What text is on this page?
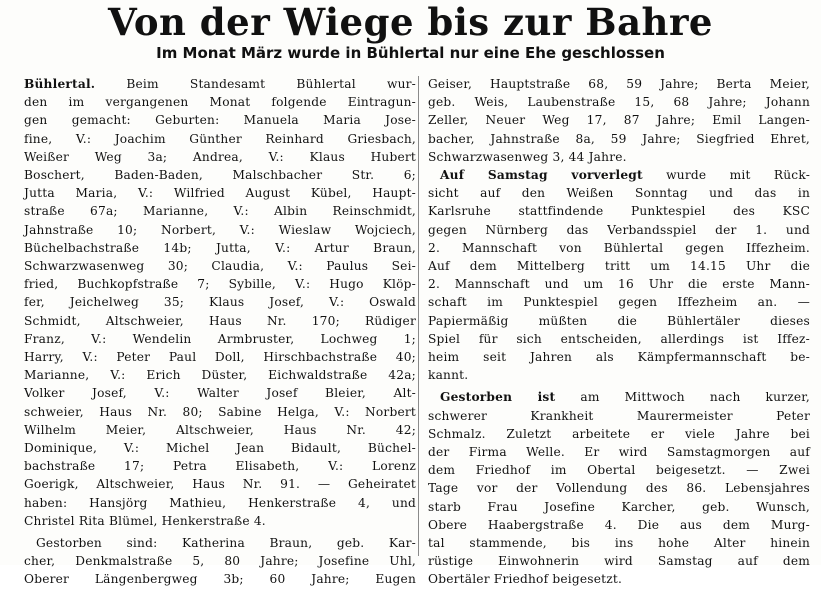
Von der Wiege bis zur Bahre
Im Monat März wurde in Bühlertal nur eine Ehe geschlossen

Bühlertal. Beim Standesamt Bühlertal wur-
den im vergangenen Monat folgende Eintragun-
gen gemacht: Geburten: Manuela Maria Jose-
fine, V.: Joachim Günther Reinhard Griesbach,
Weißer Weg 3a; Andrea, V.: Klaus Hubert
Boschert, Baden-Baden, Malschbacher Str. 6;
Jutta Maria, V.: Wilfried August Kübel, Haupt-
straße 67a; Marianne, V.: Albin Reinschmidt,
Jahnstraße 10; Norbert, V.: Wieslaw Wojciech,
Büchelbachstraße 14b; Jutta, V.: Artur Braun,
Schwarzwasenweg 30; Claudia, V.: Paulus Sei-
fried, Buchkopfstraße 7; Sybille, V.: Hugo Klöp-
fer, Jeichelweg 35; Klaus Josef, V.: Oswald
Schmidt, Altschweier, Haus Nr. 170; Rüdiger
Franz, V.: Wendelin Armbruster, Lochweg 1;
Harry, V.: Peter Paul Doll, Hirschbachstraße 40;
Marianne, V.: Erich Düster, Eichwaldstraße 42a;
Volker Josef, V.: Walter Josef Bleier, Alt-
schweier, Haus Nr. 80; Sabine Helga, V.: Norbert
Wilhelm Meier, Altschweier, Haus Nr. 42;
Dominique, V.: Michel Jean Bidault, Büchel-
bachstraße 17; Petra Elisabeth, V.: Lorenz
Goerigk, Altschweier, Haus Nr. 91. — Geheiratet
haben: Hansjörg Mathieu, Henkerstraße 4, und
Christel Rita Blümel, Henkerstraße 4.

Gestorben sind: Katherina Braun, geb. Kar-
cher, Denkmalstraße 5, 80 Jahre; Josefine Uhl,
Oberer Längenbergweg 3b; 60 Jahre; Eugen

Geiser, Hauptstraße 68, 59 Jahre; Berta Meier,
geb. Weis, Laubenstraße 15, 68 Jahre; Johann
Zeller, Neuer Weg 17, 87 Jahre; Emil Langen-
bacher, Jahnstraße 8a, 59 Jahre; Siegfried Ehret,
Schwarzwasenweg 3, 44 Jahre.

Auf Samstag vorverlegt wurde mit Rück-
sicht auf den Weißen Sonntag und das in
Karlsruhe stattfindende Punktespiel des KSC
gegen Nürnberg das Verbandsspiel der 1. und
2. Mannschaft von Bühlertal gegen Iffezheim.
Auf dem Mittelberg tritt um 14.15 Uhr die
2. Mannschaft und um 16 Uhr die erste Mann-
schaft im Punktespiel gegen Iffezheim an. —
Papiermäßig müßten die Bühlertäler dieses
Spiel für sich entscheiden, allerdings ist Iffez-
heim seit Jahren als Kämpfermannschaft be-
kannt.

Gestorben ist am Mittwoch nach kurzer,
schwerer Krankheit Maurermeister Peter
Schmalz. Zuletzt arbeitete er viele Jahre bei
der Firma Welle. Er wird Samstagmorgen auf
dem Friedhof im Obertal beigesetzt. — Zwei
Tage vor der Vollendung des 86. Lebensjahres
starb Frau Josefine Karcher, geb. Wunsch,
Obere Haabergstraße 4. Die aus dem Murg-
tal stammende, bis ins hohe Alter hinein
rüstige Einwohnerin wird Samstag auf dem
Obertäler Friedhof beigesetzt.
